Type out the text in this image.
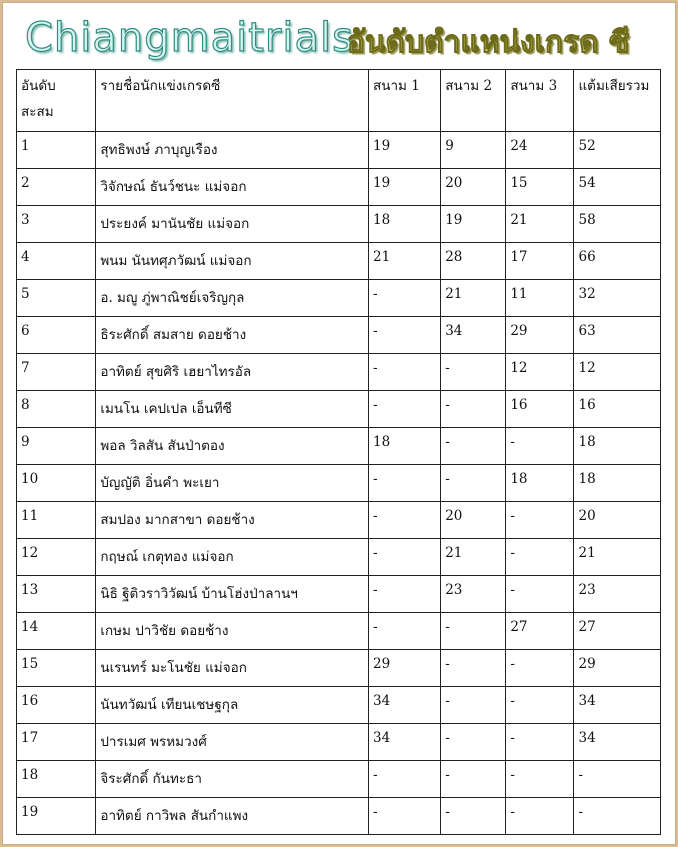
Chiangmaitrials
อันดับตำแหน่งเกรด ซี
อันดับ สะสม	รายชื่อนักแข่งเกรดซี	สนาม 1	สนาม 2	สนาม 3	แต้มเสียรวม
1	สุทธิพงษ์ ภาบุญเรือง	19	9	24	52
2	วิจักษณ์ ธันว์ชนะ แม่จอก	19	20	15	54
3	ประยงค์ มานันชัย แม่จอก	18	19	21	58
4	พนม นันทศุภวัฒน์ แม่จอก	21	28	17	66
5	อ. มญู ภู่พาณิชย์เจริญกุล	-	21	11	32
6	ธิระศักดิ์ สมสาย ดอยช้าง	-	34	29	63
7	อาทิตย์ สุขศิริ เฮยาไทรอัล	-	-	12	12
8	เมนโน เคปเปล เอ็นทีซี	-	-	16	16
9	พอล วิลสัน สันป่าตอง	18	-	-	18
10	บัญญัติ อิ่นคำ พะเยา	-	-	18	18
11	สมปอง มากสาขา ดอยช้าง	-	20	-	20
12	กฤษณ์ เกตุทอง แม่จอก	-	21	-	21
13	นิธิ ฐิติวราวิวัฒน์ บ้านโฮ่งป่าลานฯ	-	23	-	23
14	เกษม ปาวิชัย ดอยช้าง	-	-	27	27
15	นเรนทร์ มะโนชัย แม่จอก	29	-	-	29
16	นันทวัฒน์ เทียนเชษฐกุล	34	-	-	34
17	ปารเมศ พรหมวงศ์	34	-	-	34
18	จิระศักดิ์ กันทะธา	-	-	-	-
19	อาทิตย์ กาวิพล สันกำแพง	-	-	-	-
